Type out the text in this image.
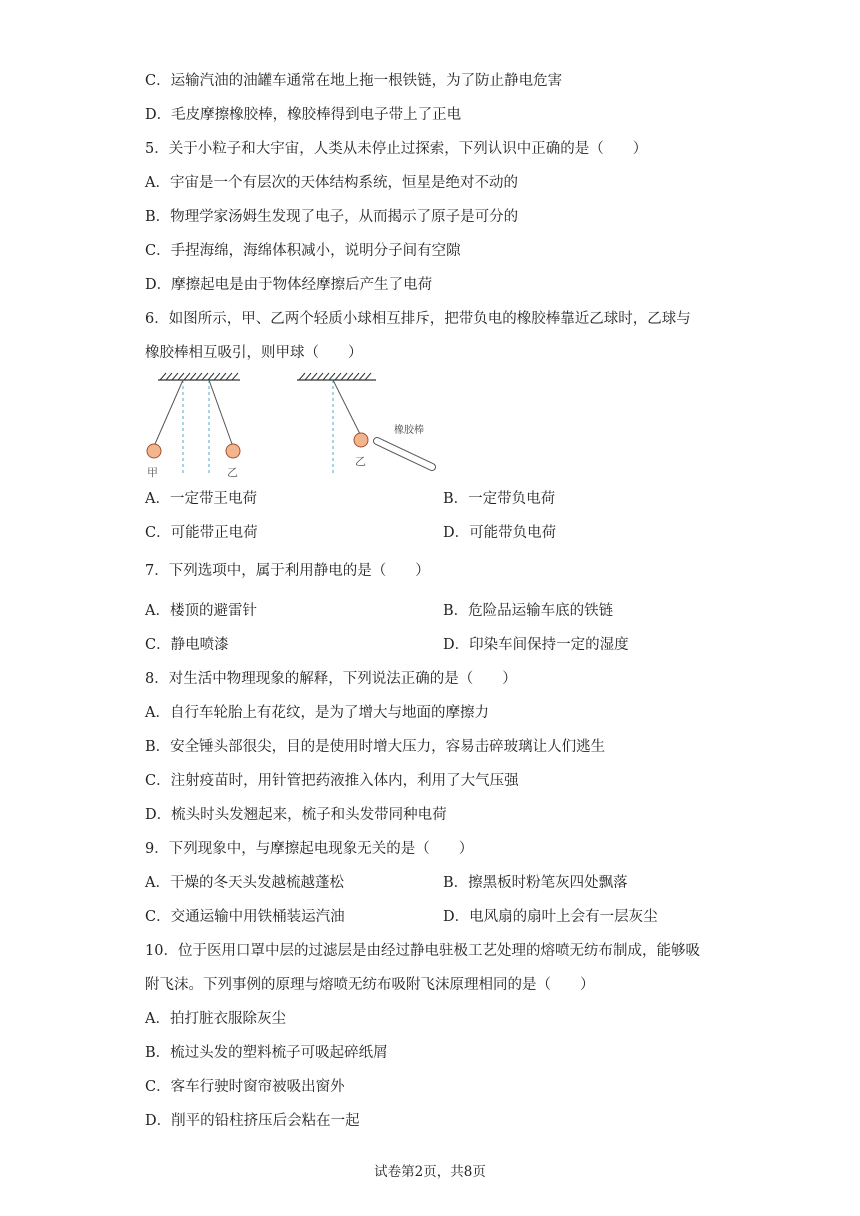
C．运输汽油的油罐车通常在地上拖一根铁链，为了防止静电危害
D．毛皮摩擦橡胶棒，橡胶棒得到电子带上了正电
5．关于小粒子和大宇宙，人类从未停止过探索，下列认识中正确的是（　　）
A．宇宙是一个有层次的天体结构系统，恒星是绝对不动的
B．物理学家汤姆生发现了电子，从而揭示了原子是可分的
C．手捏海绵，海绵体积减小，说明分子间有空隙
D．摩擦起电是由于物体经摩擦后产生了电荷
6．如图所示，甲、乙两个轻质小球相互排斥，把带负电的橡胶棒靠近乙球时，乙球与
橡胶棒相互吸引，则甲球（　　）
甲	乙
乙
橡胶棒
A．一定带王电荷	B．一定带负电荷
C．可能带正电荷	D．可能带负电荷
7．下列选项中，属于利用静电的是（　　）
A．楼顶的避雷针	B．危险品运输车底的铁链
C．静电喷漆	D．印染车间保持一定的湿度
8．对生活中物理现象的解释，下列说法正确的是（　　）
A．自行车轮胎上有花纹，是为了增大与地面的摩擦力
B．安全锤头部很尖，目的是使用时增大压力，容易击碎玻璃让人们逃生
C．注射疫苗时，用针管把药液推入体内，利用了大气压强
D．梳头时头发翘起来，梳子和头发带同种电荷
9．下列现象中，与摩擦起电现象无关的是（　　）
A．干燥的冬天头发越梳越蓬松	B．擦黑板时粉笔灰四处飘落
C．交通运输中用铁桶装运汽油	D．电风扇的扇叶上会有一层灰尘
10．位于医用口罩中层的过滤层是由经过静电驻极工艺处理的熔喷无纺布制成，能够吸
附飞沫。下列事例的原理与熔喷无纺布吸附飞沫原理相同的是（　　）
A．拍打脏衣服除灰尘
B．梳过头发的塑料梳子可吸起碎纸屑
C．客车行驶时窗帘被吸出窗外
D．削平的铅柱挤压后会粘在一起
试卷第2页，共8页
